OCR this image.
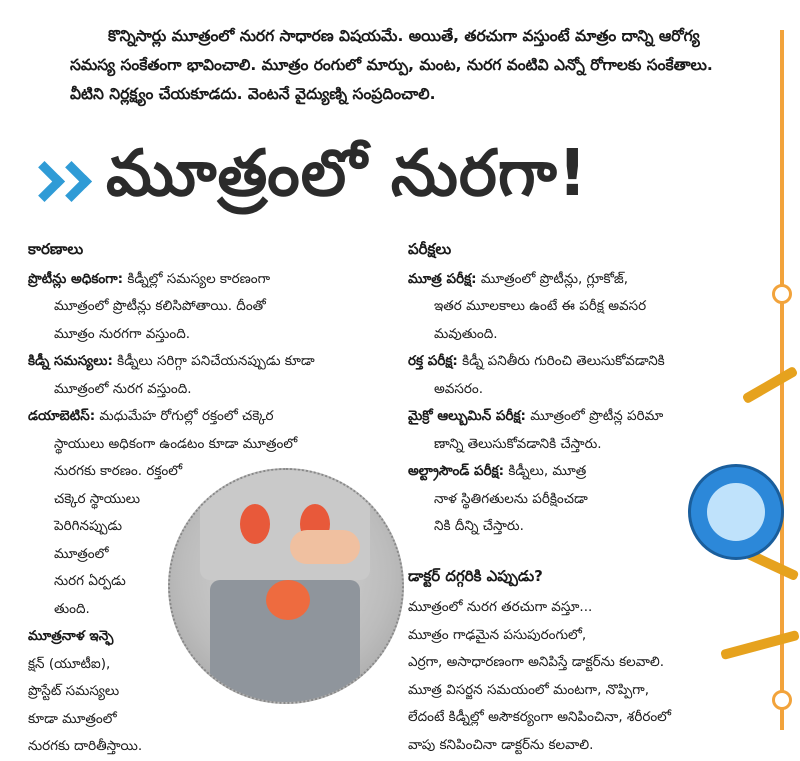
కొన్నిసార్లు మూత్రంలో నురగ సాధారణ విషయమే. అయితే, తరచుగా వస్తుంటే మాత్రం దాన్ని ఆరోగ్య సమస్య సంకేతంగా భావించాలి. మూత్రం రంగులో మార్పు, మంట, నురగ వంటివి ఎన్నో రోగాలకు సంకేతాలు. వీటిని నిర్లక్ష్యం చేయకూడదు. వెంటనే వైద్యుణ్ని సంప్రదించాలి.

మూత్రంలో నురగా!
కారణాలు
ప్రొటీన్లు అధికంగా: కిడ్నీల్లో సమస్యల కారణంగా
మూత్రంలో ప్రొటీన్లు కలిసిపోతాయి. దీంతో
మూత్రం నురగగా వస్తుంది.
కిడ్నీ సమస్యలు: కిడ్నీలు సరిగ్గా పనిచేయనప్పుడు కూడా
మూత్రంలో నురగ వస్తుంది.
డయాబెటిస్: మధుమేహ రోగుల్లో రక్తంలో చక్కెర
స్థాయులు అధికంగా ఉండటం కూడా మూత్రంలో
నురగకు కారణం. రక్తంలో
చక్కెర స్థాయులు
పెరిగినప్పుడు
మూత్రంలో
నురగ ఏర్పడు
తుంది.
మూత్రనాళ ఇన్ఫె
క్షన్ (యూటీఐ),
ప్రొస్టేట్ సమస్యలు
కూడా మూత్రంలో
నురగకు దారితీస్తాయి.
పరీక్షలు
మూత్ర పరీక్ష: మూత్రంలో ప్రొటీన్లు, గ్లూకోజ్,
ఇతర మూలకాలు ఉంటే ఈ పరీక్ష అవసర
మవుతుంది.
రక్త పరీక్ష: కిడ్నీ పనితీరు గురించి తెలుసుకోవడానికి
అవసరం.
మైక్రో ఆల్బుమిన్ పరీక్ష: మూత్రంలో ప్రొటీన్ల పరిమా
ణాన్ని తెలుసుకోవడానికి చేస్తారు.
అల్ట్రాసౌండ్ పరీక్ష: కిడ్నీలు, మూత్ర
నాళ స్థితిగతులను పరీక్షించడా
నికి దీన్ని చేస్తారు.
డాక్టర్ దగ్గరికి ఎప్పుడు?

మూత్రంలో నురగ తరచుగా వస్తూ...

మూత్రం గాఢమైన పసుపురంగులో,

ఎర్రగా, అసాధారణంగా అనిపిస్తే డాక్టర్‌ను కలవాలి.

మూత్ర విసర్జన సమయంలో మంటగా, నొప్పిగా,

లేదంటే కిడ్నీల్లో అసౌకర్యంగా అనిపించినా, శరీరంలో

వాపు కనిపించినా డాక్టర్‌ను కలవాలి.
